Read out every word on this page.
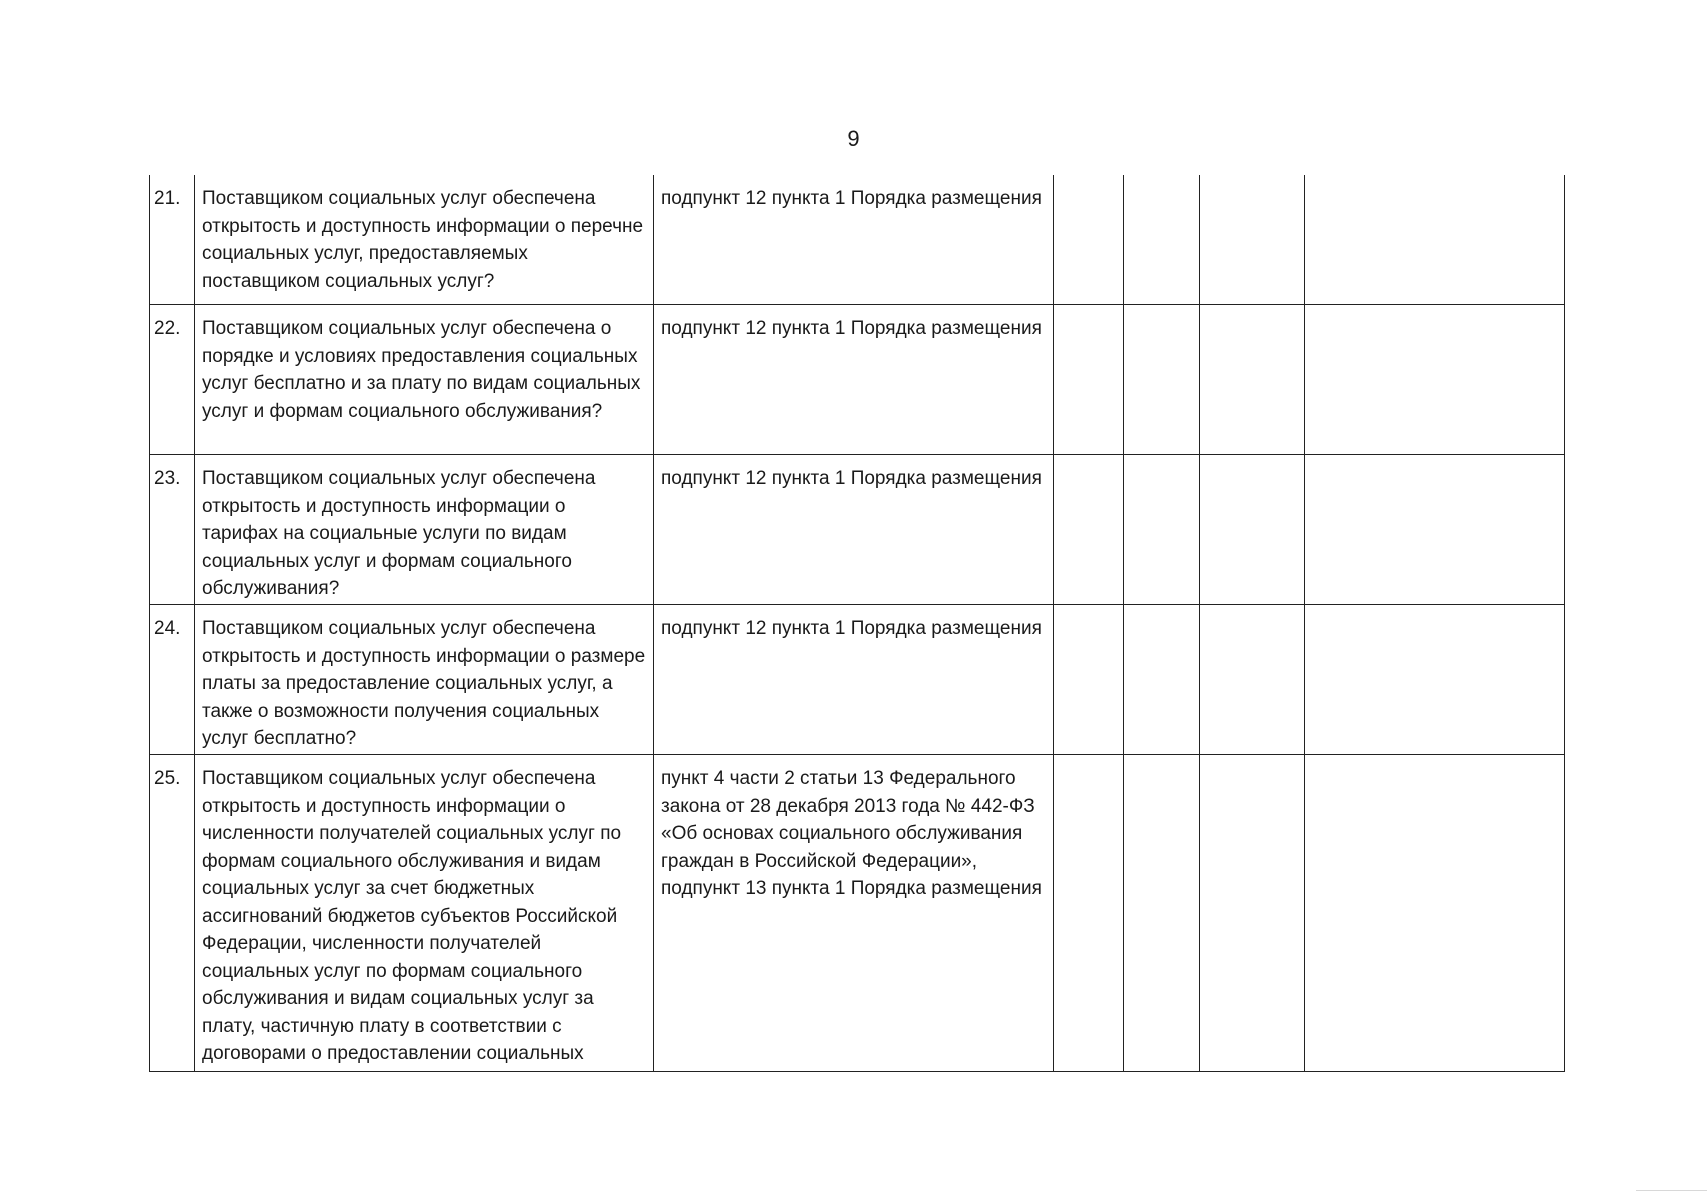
9
21.	Поставщиком социальных услуг обеспечена открытость и доступность информации о перечне социальных услуг, предоставляемых поставщиком социальных услуг?	подпункт 12 пункта 1 Порядка размещения				
22.	Поставщиком социальных услуг обеспечена о порядке и условиях предоставления социальных услуг бесплатно и за плату по видам социальных услуг и формам социального обслуживания?	подпункт 12 пункта 1 Порядка размещения				
23.	Поставщиком социальных услуг обеспечена открытость и доступность информации о тарифах на социальные услуги по видам социальных услуг и формам социального обслуживания?	подпункт 12 пункта 1 Порядка размещения				
24.	Поставщиком социальных услуг обеспечена открытость и доступность информации о размере платы за предоставление социальных услуг, а также о возможности получения социальных услуг бесплатно?	подпункт 12 пункта 1 Порядка размещения				
25.	Поставщиком социальных услуг обеспечена открытость и доступность информации о численности получателей социальных услуг по формам социального обслуживания и видам социальных услуг за счет бюджетных ассигнований бюджетов субъектов Российской Федерации, численности получателей социальных услуг по формам социального обслуживания и видам социальных услуг за плату, частичную плату в соответствии с договорами о предоставлении социальных	пункт 4 части 2 статьи 13 Федерального закона от 28 декабря 2013 года № 442-ФЗ «Об основах социального обслуживания граждан в Российской Федерации», подпункт 13 пункта 1 Порядка размещения				
